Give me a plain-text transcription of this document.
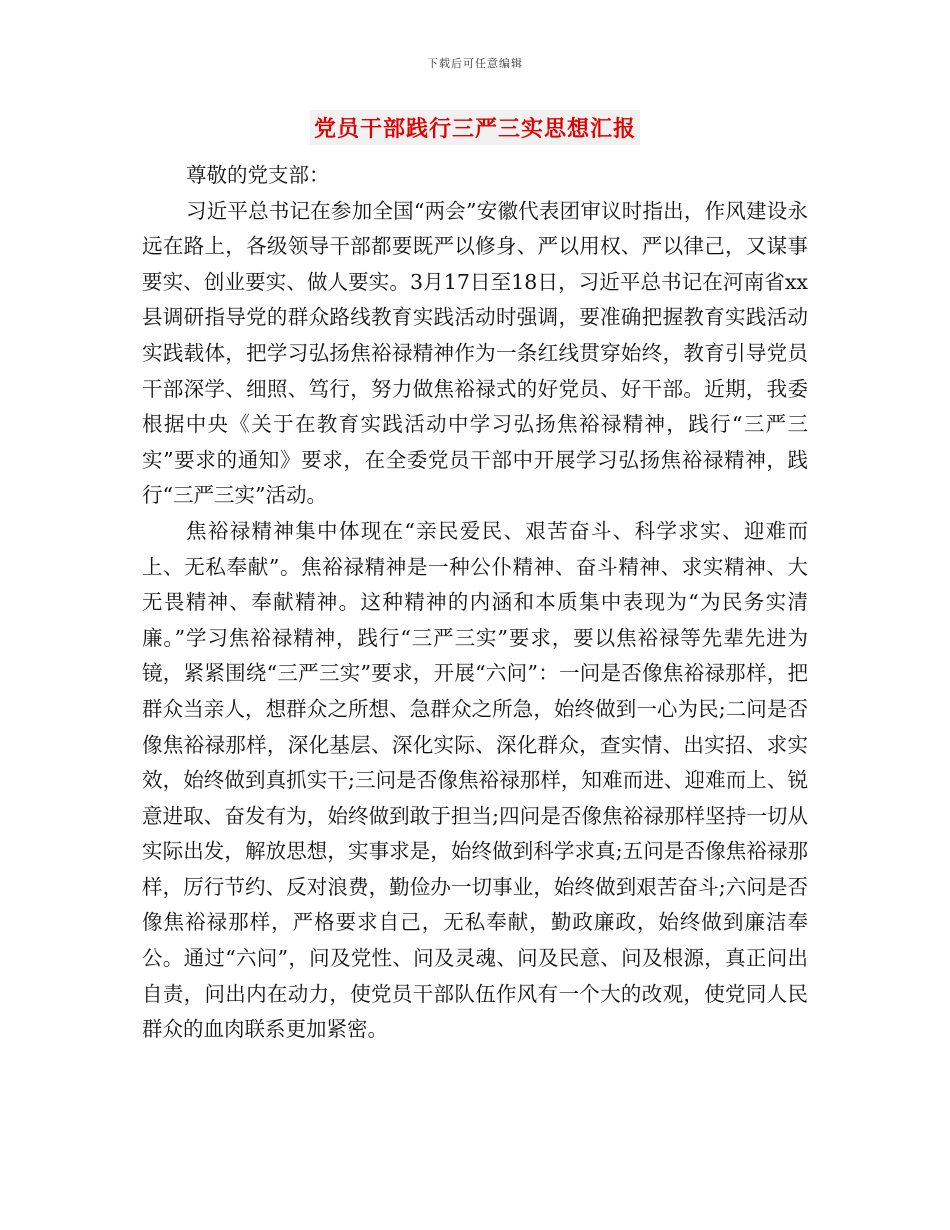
下载后可任意编辑
党员干部践行三严三实思想汇报

尊敬的党支部：

习近平总书记在参加全国“两会”安徽代表团审议时指出，作风建设永远在路上，各级领导干部都要既严以修身、严以用权、严以律己，又谋事要实、创业要实、做人要实。3月17日至18日，习近平总书记在河南省xx县调研指导党的群众路线教育实践活动时强调，要准确把握教育实践活动实践载体，把学习弘扬焦裕禄精神作为一条红线贯穿始终，教育引导党员干部深学、细照、笃行，努力做焦裕禄式的好党员、好干部。近期，我委根据中央《关于在教育实践活动中学习弘扬焦裕禄精神，践行“三严三实”要求的通知》要求，在全委党员干部中开展学习弘扬焦裕禄精神，践行“三严三实”活动。

焦裕禄精神集中体现在“亲民爱民、艰苦奋斗、科学求实、迎难而上、无私奉献”。焦裕禄精神是一种公仆精神、奋斗精神、求实精神、大无畏精神、奉献精神。这种精神的内涵和本质集中表现为“为民务实清廉。”学习焦裕禄精神，践行“三严三实”要求，要以焦裕禄等先辈先进为镜，紧紧围绕“三严三实”要求，开展“六问”：一问是否像焦裕禄那样，把群众当亲人，想群众之所想、急群众之所急，始终做到一心为民;二问是否像焦裕禄那样，深化基层、深化实际、深化群众，查实情、出实招、求实效，始终做到真抓实干;三问是否像焦裕禄那样，知难而进、迎难而上、锐意进取、奋发有为，始终做到敢于担当;四问是否像焦裕禄那样坚持一切从实际出发，解放思想，实事求是，始终做到科学求真;五问是否像焦裕禄那样，厉行节约、反对浪费，勤俭办一切事业，始终做到艰苦奋斗;六问是否像焦裕禄那样，严格要求自己，无私奉献，勤政廉政，始终做到廉洁奉公。通过“六问”，问及党性、问及灵魂、问及民意、问及根源，真正问出自责，问出内在动力，使党员干部队伍作风有一个大的改观，使党同人民群众的血肉联系更加紧密。
